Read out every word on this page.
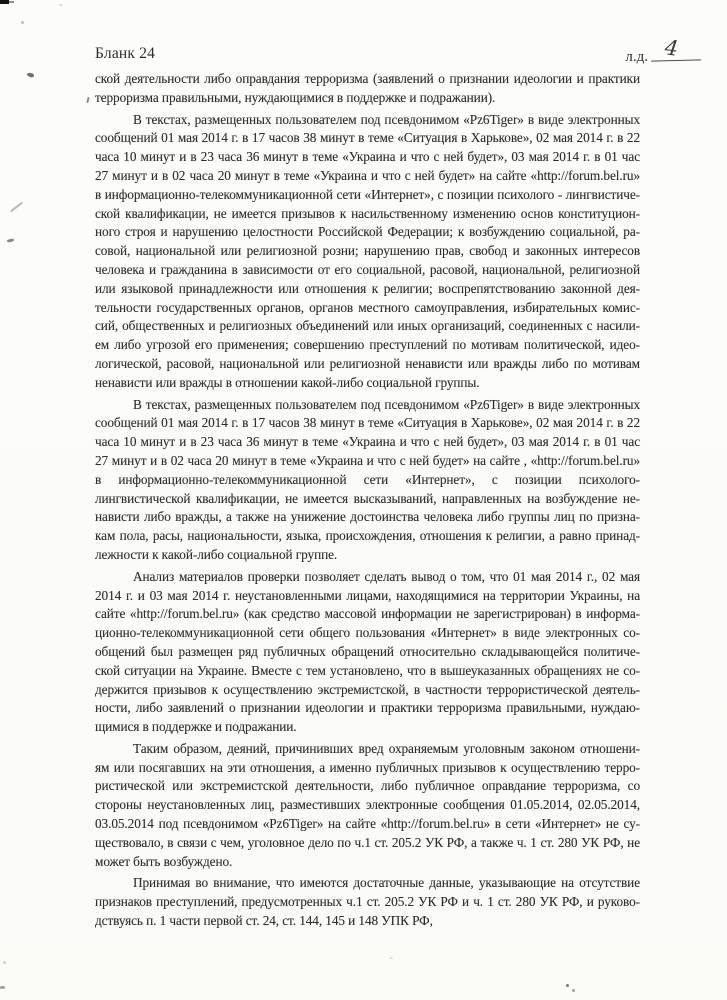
Бланк 24	л.д. 4
ской деятельности либо оправдания терроризма (заявлений о признании идеологии и практики
терроризма правильными, нуждающимися в поддержке и подражании).
В текстах, размещенных пользователем под псевдонимом «Pz6Tiger» в виде электронных
сообщений 01 мая 2014 г. в 17 часов 38 минут в теме «Ситуация в Харькове», 02 мая 2014 г. в 22
часа 10 минут и в 23 часа 36 минут в теме «Украина и что с ней будет», 03 мая 2014 г. в 01 час
27 минут и в 02 часа 20 минут в теме «Украина и что с ней будет» на сайте «http://forum.bel.ru»
в информационно-телекоммуникационной сети «Интернет», с позиции психолого - лингвистиче-
ской квалификации, не имеется призывов к насильственному изменению основ конституцион-
ного строя и нарушению целостности Российской Федерации; к возбуждению социальной, ра-
совой, национальной или религиозной розни; нарушению прав, свобод и законных интересов
человека и гражданина в зависимости от его социальной, расовой, национальной, религиозной
или языковой принадлежности или отношения к религии; воспрепятствованию законной дея-
тельности государственных органов, органов местного самоуправления, избирательных комис-
сий, общественных и религиозных объединений или иных организаций, соединенных с насили-
ем либо угрозой его применения; совершению преступлений по мотивам политической, идео-
логической, расовой, национальной или религиозной ненависти или вражды либо по мотивам
ненависти или вражды в отношении какой-либо социальной группы.
В текстах, размещенных пользователем под псевдонимом «Pz6Tiger» в виде электронных
сообщений 01 мая 2014 г. в 17 часов 38 минут в теме «Ситуация в Харькове», 02 мая 2014 г. в 22
часа 10 минут и в 23 часа 36 минут в теме «Украина и что с ней будет», 03 мая 2014 г. в 01 час
27 минут и в 02 часа 20 минут в теме «Украина и что с ней будет» на сайте , «http://forum.bel.ru»
в информационно-телекоммуникационной сети «Интернет», с позиции психолого-
лингвистической квалификации, не имеется высказываний, направленных на возбуждение не-
нависти либо вражды, а также на унижение достоинства человека либо группы лиц по призна-
кам пола, расы, национальности, языка, происхождения, отношения к религии, а равно принад-
лежности к какой-либо социальной группе.
Анализ материалов проверки позволяет сделать вывод о том, что 01 мая 2014 г., 02 мая
2014 г. и 03 мая 2014 г. неустановленными лицами, находящимися на территории Украины, на
сайте «http://forum.bel.ru» (как средство массовой информации не зарегистрирован) в информа-
ционно-телекоммуникационной сети общего пользования «Интернет» в виде электронных со-
общений был размещен ряд публичных обращений относительно складывающейся политиче-
ской ситуации на Украине. Вместе с тем установлено, что в вышеуказанных обращениях не со-
держится призывов к осуществлению экстремистской, в частности террористической деятель-
ности, либо заявлений о признании идеологии и практики терроризма правильными, нуждаю-
щимися в поддержке и подражании.
Таким образом, деяний, причинивших вред охраняемым уголовным законом отношени-
ям или посягавших на эти отношения, а именно публичных призывов к осуществлению терро-
ристической или экстремистской деятельности, либо публичное оправдание терроризма, со
стороны неустановленных лиц, разместивших электронные сообщения 01.05.2014, 02.05.2014,
03.05.2014 под псевдонимом «Pz6Tiger» на сайте «http://forum.bel.ru» в сети «Интернет» не су-
ществовало, в связи с чем, уголовное дело по ч.1 ст. 205.2 УК РФ, а также ч. 1 ст. 280 УК РФ, не
может быть возбуждено.
Принимая во внимание, что имеются достаточные данные, указывающие на отсутствие
признаков преступлений, предусмотренных ч.1 ст. 205.2 УК РФ и ч. 1 ст. 280 УК РФ, и руково-
дствуясь п. 1 части первой ст. 24, ст. 144, 145 и 148 УПК РФ,
